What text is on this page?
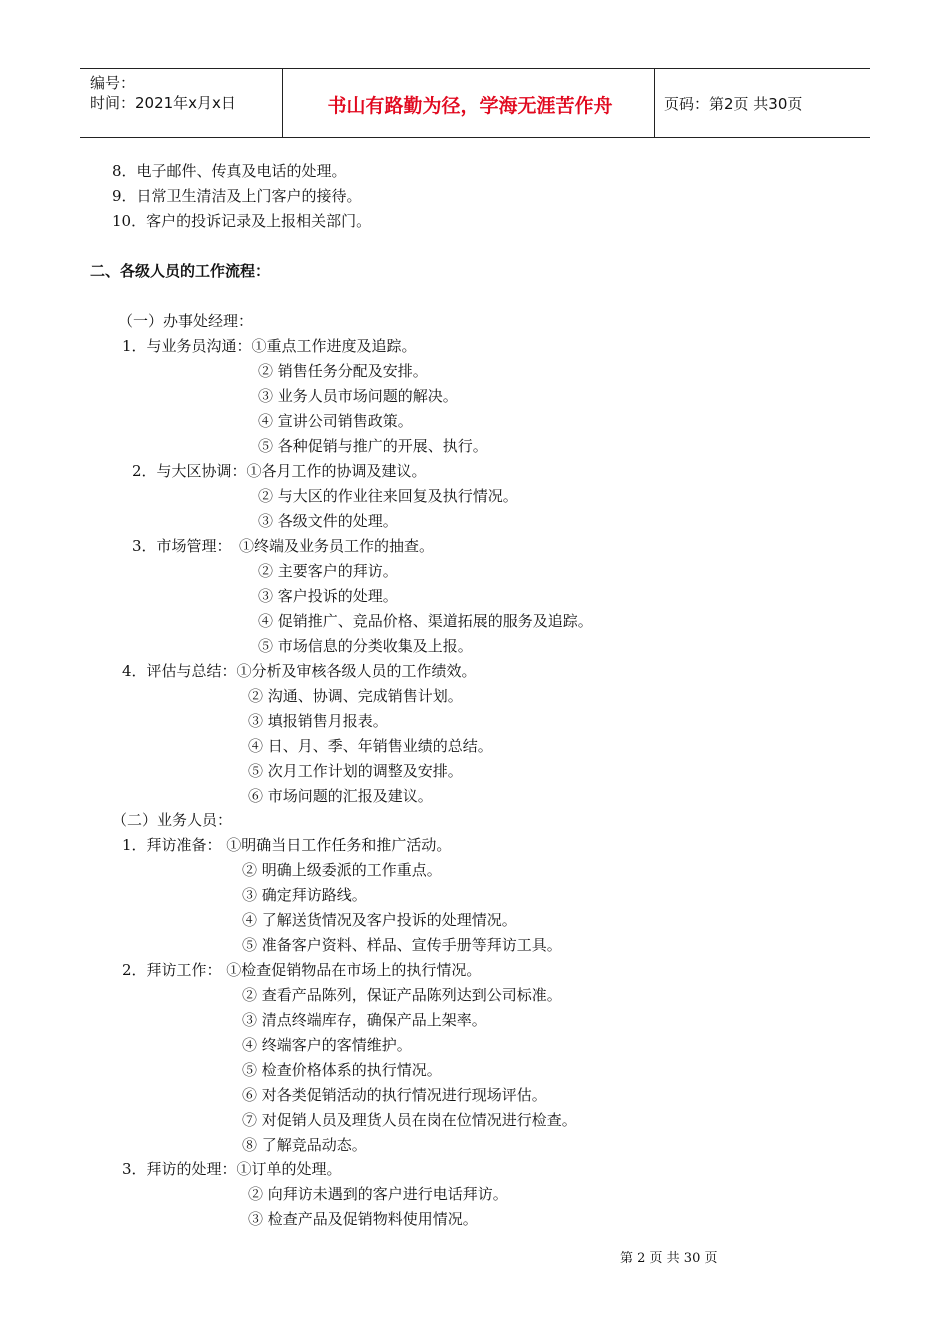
编号：
时间：2021年x月x日	书山有路勤为径，学海无涯苦作舟	页码：第2页 共30页
8．电子邮件、传真及电话的处理。
9．日常卫生清洁及上门客户的接待。
10．客户的投诉记录及上报相关部门。
二、各级人员的工作流程：
（一）办事处经理：
1．与业务员沟通：①重点工作进度及追踪。
② 销售任务分配及安排。
③ 业务人员市场问题的解决。
④ 宣讲公司销售政策。
⑤ 各种促销与推广的开展、执行。
2．与大区协调：①各月工作的协调及建议。
② 与大区的作业往来回复及执行情况。
③ 各级文件的处理。
3．市场管理：　①终端及业务员工作的抽查。
② 主要客户的拜访。
③ 客户投诉的处理。
④ 促销推广、竞品价格、渠道拓展的服务及追踪。
⑤ 市场信息的分类收集及上报。
4．评估与总结：①分析及审核各级人员的工作绩效。
② 沟通、协调、完成销售计划。
③ 填报销售月报表。
④ 日、月、季、年销售业绩的总结。
⑤ 次月工作计划的调整及安排。
⑥ 市场问题的汇报及建议。
（二）业务人员：
1．拜访准备： ①明确当日工作任务和推广活动。
② 明确上级委派的工作重点。
③ 确定拜访路线。
④ 了解送货情况及客户投诉的处理情况。
⑤ 准备客户资料、样品、宣传手册等拜访工具。
2．拜访工作： ①检查促销物品在市场上的执行情况。
② 查看产品陈列，保证产品陈列达到公司标准。
③ 清点终端库存，确保产品上架率。
④ 终端客户的客情维护。
⑤ 检查价格体系的执行情况。
⑥ 对各类促销活动的执行情况进行现场评估。
⑦ 对促销人员及理货人员在岗在位情况进行检查。
⑧ 了解竞品动态。
3．拜访的处理：①订单的处理。
② 向拜访未遇到的客户进行电话拜访。
③ 检查产品及促销物料使用情况。
第 2 页 共 30 页
